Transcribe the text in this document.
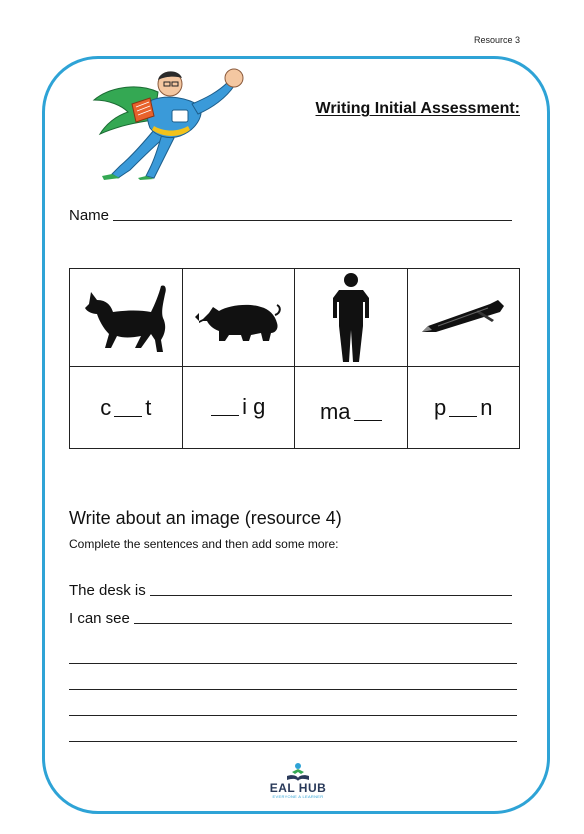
Resource 3
Writing Initial Assessment:
Name

c t	i g	ma	p n
Write about an image (resource 4)
Complete the sentences and then add some more:
The desk is
I can see
EAL HUB
EVERYONE A LEARNER
